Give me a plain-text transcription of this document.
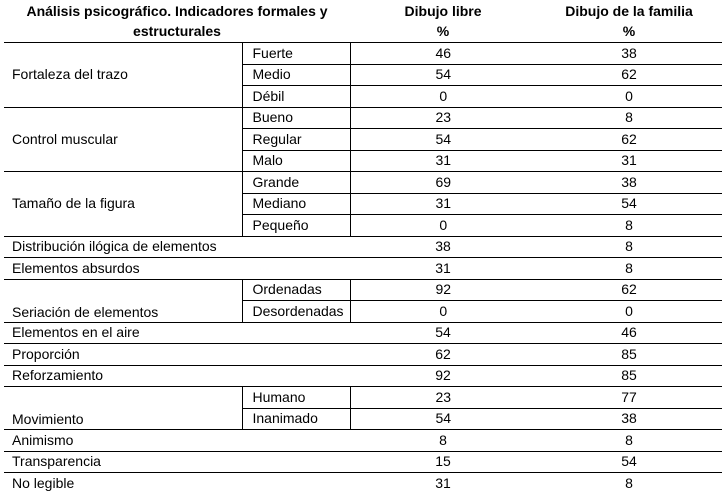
Análisis psicográfico. Indicadores formales y		Dibujo libre	Dibujo de la familia
estructurales		%	%
Fortaleza del trazo	Fuerte	46	38
	Medio	54	62
	Débil	0	0
Control muscular	Bueno	23	8
	Regular	54	62
	Malo	31	31
Tamaño de la figura	Grande	69	38
	Mediano	31	54
	Pequeño	0	8
Distribución ilógica de elementos		38	8
Elementos absurdos		31	8
Seriación de elementos	Ordenadas	92	62
	Desordenadas	0	0
Elementos en el aire		54	46
Proporción		62	85
Reforzamiento		92	85
Movimiento	Humano	23	77
	Inanimado	54	38
Animismo		8	8
Transparencia		15	54
No legible		31	8
